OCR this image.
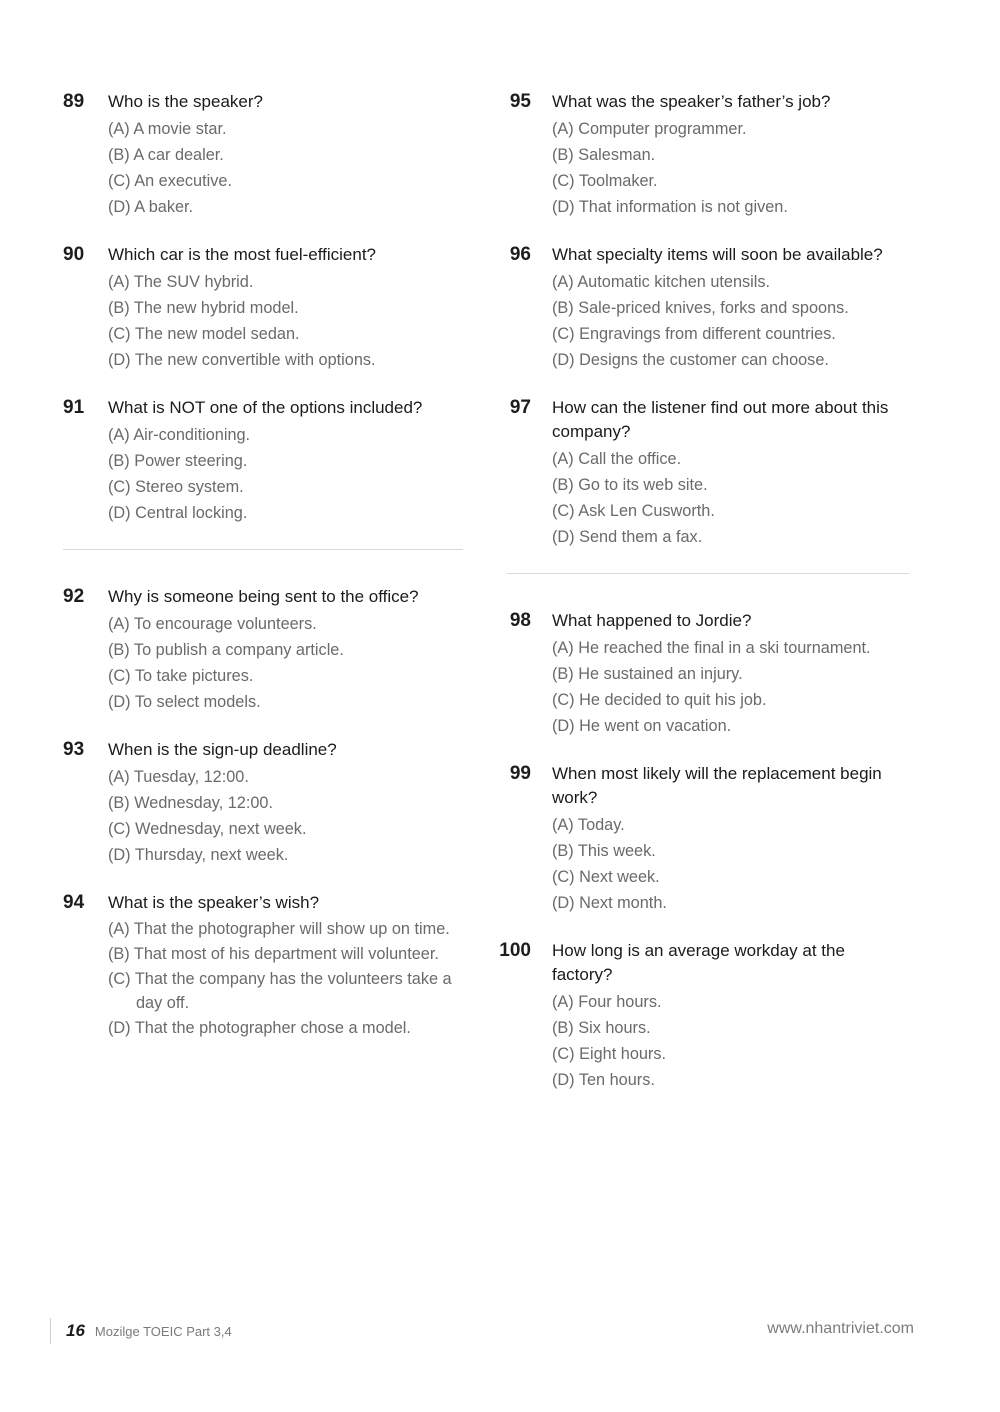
89 Who is the speaker?

(A) A movie star.
(B) A car dealer.
(C) An executive.
(D) A baker.
90 Which car is the most fuel-efficient?

(A) The SUV hybrid.
(B) The new hybrid model.
(C) The new model sedan.
(D) The new convertible with options.
91 What is NOT one of the options included?

(A) Air-conditioning.
(B) Power steering.
(C) Stereo system.
(D) Central locking.
92 Why is someone being sent to the office?

(A) To encourage volunteers.
(B) To publish a company article.
(C) To take pictures.
(D) To select models.
93 When is the sign-up deadline?

(A) Tuesday, 12:00.
(B) Wednesday, 12:00.
(C) Wednesday, next week.
(D) Thursday, next week.
94 What is the speaker’s wish?

(A) That the photographer will show up on time.
(B) That most of his department will volunteer.
(C) That the company has the volunteers take a day off.
(D) That the photographer chose a model.
95 What was the speaker’s father’s job?

(A) Computer programmer.
(B) Salesman.
(C) Toolmaker.
(D) That information is not given.
96 What specialty items will soon be available?

(A) Automatic kitchen utensils.
(B) Sale-priced knives, forks and spoons.
(C) Engravings from different countries.
(D) Designs the customer can choose.
97 How can the listener find out more about this company?

(A) Call the office.
(B) Go to its web site.
(C) Ask Len Cusworth.
(D) Send them a fax.
98 What happened to Jordie?

(A) He reached the final in a ski tournament.
(B) He sustained an injury.
(C) He decided to quit his job.
(D) He went on vacation.
99 When most likely will the replacement begin work?

(A) Today.
(B) This week.
(C) Next week.
(D) Next month.
100 How long is an average workday at the factory?

(A) Four hours.
(B) Six hours.
(C) Eight hours.
(D) Ten hours.
16 Mozilge TOEIC Part 3,4	www.nhantriviet.com
